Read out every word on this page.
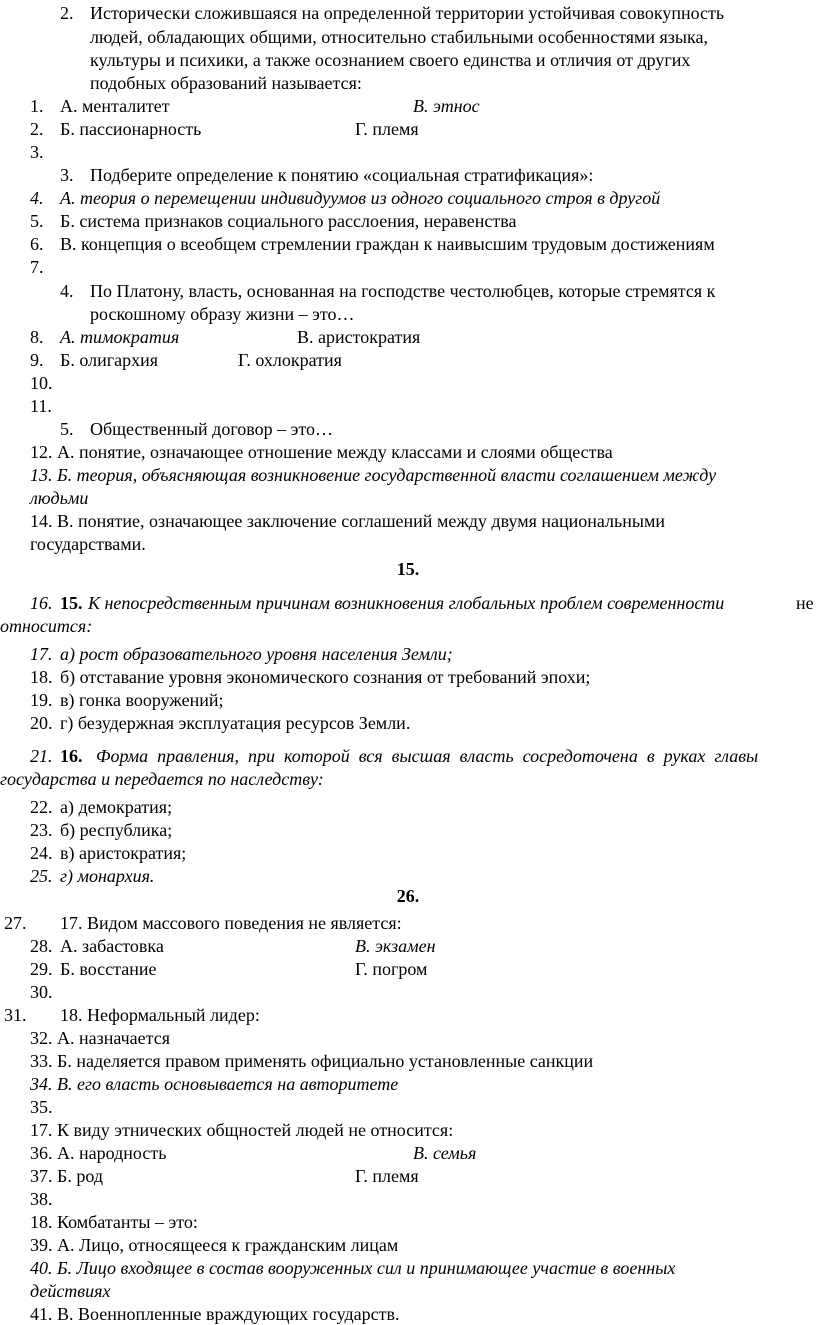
2. Исторически сложившаяся на определенной территории устойчивая совокупность
людей, обладающих общими, относительно стабильными особенностями языка,
культуры и психики, а также осознанием своего единства и отличия от других
подобных образований называется:
1. А. менталитет	В. этнос
2. Б. пассионарность	Г. племя
3.
3. Подберите определение к понятию «социальная стратификация»:
4. А. теория о перемещении индивидуумов из одного социального строя в другой
5. Б. система признаков социального расслоения, неравенства
6. В. концепция о всеобщем стремлении граждан к наивысшим трудовым достижениям
7.
4. По Платону, власть, основанная на господстве честолюбцев, которые стремятся к
роскошному образу жизни – это…
8. А. тимократия	В. аристократия
9. Б. олигархия	Г. охлократия
10.
11.
5. Общественный договор – это…
12. А. понятие, означающее отношение между классами и слоями общества
13. Б. теория, объясняющая возникновение государственной власти соглашением между
людьми
14. В. понятие, означающее заключение соглашений между двумя национальными
государствами.
15.
16. 15. К непосредственным причинам возникновения глобальных проблем современности	не
относится:
17. а) рост образовательного уровня населения Земли;
18. б) отставание уровня экономического сознания от требований эпохи;
19. в) гонка вооружений;
20. г) безудержная эксплуатация ресурсов Земли.
21. 16. Форма правления, при которой вся высшая власть сосредоточена в руках главы
государства и передается по наследству:
22. а) демократия;
23. б) республика;
24. в) аристократия;
25. г) монархия.
26.
27. 17. Видом массового поведения не является:
28. А. забастовка	В. экзамен
29. Б. восстание	Г. погром
30.
31. 18. Неформальный лидер:
32. А. назначается
33. Б. наделяется правом применять официально установленные санкции
34. В. его власть основывается на авторитете
35.
17. К виду этнических общностей людей не относится:
36. А. народность	В. семья
37. Б. род	Г. племя
38.
18. Комбатанты – это:
39. А. Лицо, относящееся к гражданским лицам
40. Б. Лицо входящее в состав вооруженных сил и принимающее участие в военных
действиях
41. В. Военнопленные враждующих государств.
